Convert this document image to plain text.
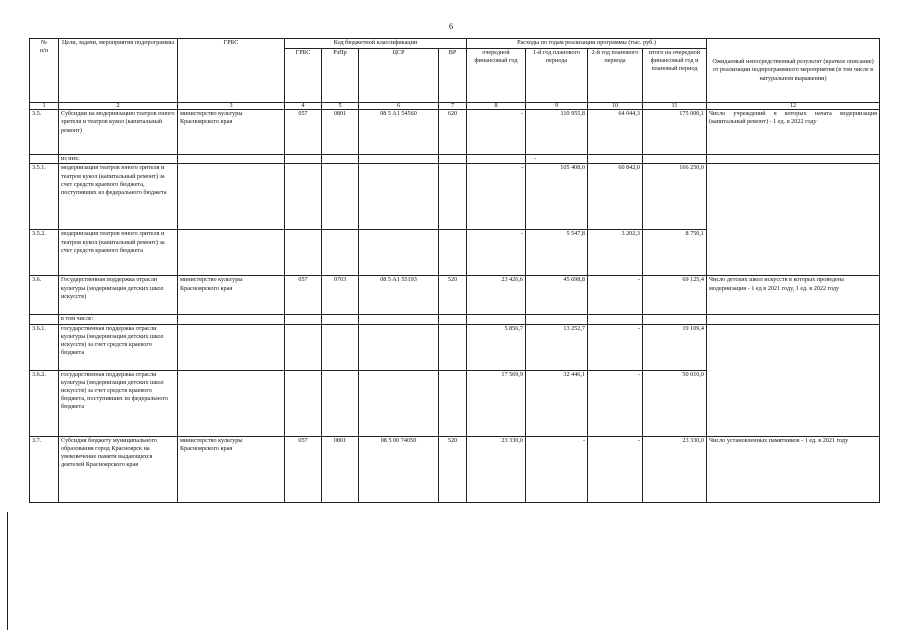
6
№
п/п	Цели, задачи, мероприятия подпрограммы	ГРБС	Код бюджетной классификации				Расходы по годам реализации программы (тыс. руб.)				Ожидаемый непосредственный результат (краткое описание) от реализации подпрограммного мероприятия (в том числе в натуральном выражении)
			ГРБС	РзПр	ЦСР	ВР	очередной финансовый год	1-й год планового периода	2-й год планового периода	итого на очередной финансовый год и плановый период	
1	2	3	4	5	6	7	8	9	10	11	12
3.5.	Субсидии на модернизацию театров юного зрителя и театров кукол (капитальный ремонт)	министерство культуры Красноярского края	057	0801	08 5 A1 54560	620	-	110 955,8	64 044,3	175 000,1	Число учреждений в которых начата модернизация (капитальный ремонт) - 1 ед. в 2022 году
	из них:							-			
3.5.1.	модернизация театров юного зрителя и театров кукол (капитальный ремонт) за счет средств краевого бюджета, поступивших из федерального бюджета						-	105 408,0	60 842,0	166 250,0	
3.5.2.	модернизация театров юного зрителя и театров кукол (капитальный ремонт) за счет средств краевого бюджета						-	5 547,8	3 202,3	8 750,1	
3.6.	Государственная поддержка отрасли культуры (модернизация детских школ искусств)	министерство культуры Красноярского края	057	0703	08 5 A1 55193	520	23 426,6	45 698,8	-	69 125,4	Число детских школ искусств в которых проведена модернизация - 1 ед в 2021 году, 1 ед. в 2022 году
	в том числе:										
3.6.1.	государственная поддержка отрасли культуры (модернизация детских школ искусств) за счет средств краевого бюджета						5 856,7	13 252,7	-	19 109,4	
3.6.2.	государственная поддержка отрасли культуры (модернизация детских школ искусств) за счет средств краевого бюджета, поступивших из федерального бюджета						17 569,9	32 446,1	-	50 016,0	
3.7.	Субсидия бюджету муниципального образования город Красноярск на увековечение памяти выдающихся деятелей Красноярского края	министерство культуры Красноярского края	057	0801	08 5 00 74050	520	23 330,0	-	-	23 330,0	Число установленных памятников - 1 ед. в 2021 году
